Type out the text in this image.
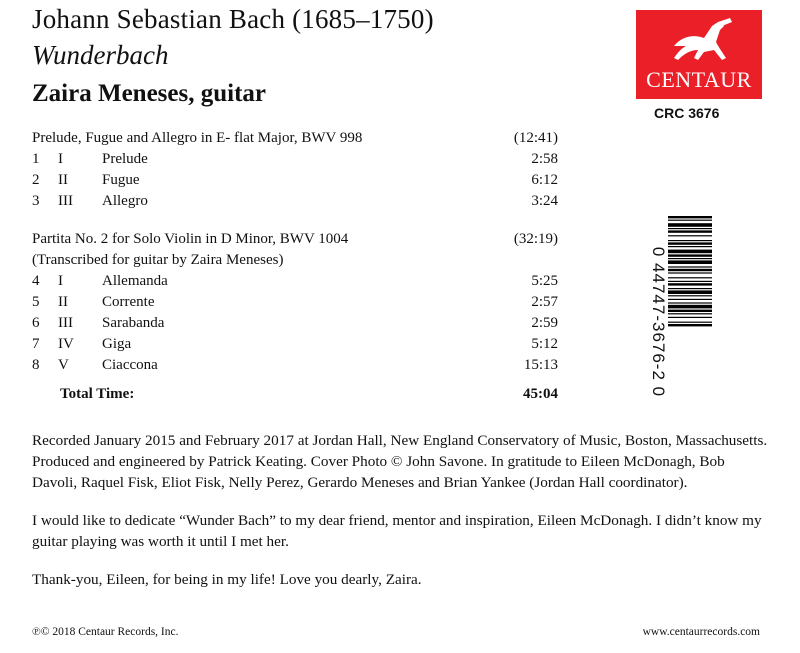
Johann Sebastian Bach (1685–1750)
Wunderbach
Zaira Meneses, guitar
CENTAUR
CRC 3676
Prelude, Fugue and Allegro in E- flat Major, BWV 998	(12:41)
1 I	Prelude	2:58
2 II Fugue	6:12
3 III Allegro	3:24
Partita No. 2 for Solo Violin in D Minor, BWV 1004	(32:19)
(Transcribed for guitar by Zaira Meneses)
4 I	Allemanda	5:25
5 II Corrente	2:57
6 III Sarabanda	2:59
7 IV Giga	5:12
8 V Ciaccona	15:13
Total Time:	45:04	0 44747-3676-2 0

Recorded January 2015 and February 2017 at Jordan Hall, New England Conservatory of Music, Boston, Massachusetts. Produced and engineered by Patrick Keating. Cover Photo © John Savone. In gratitude to Eileen McDonagh, Bob Davoli, Raquel Fisk, Eliot Fisk, Nelly Perez, Gerardo Meneses and Brian Yankee (Jordan Hall coordinator).

I would like to dedicate “Wunder Bach” to my dear friend, mentor and inspiration, Eileen McDonagh. I didn’t know my guitar playing was worth it until I met her.

Thank-you, Eileen, for being in my life! Love you dearly, Zaira.

℗© 2018 Centaur Records, Inc.	www.centaurrecords.com
